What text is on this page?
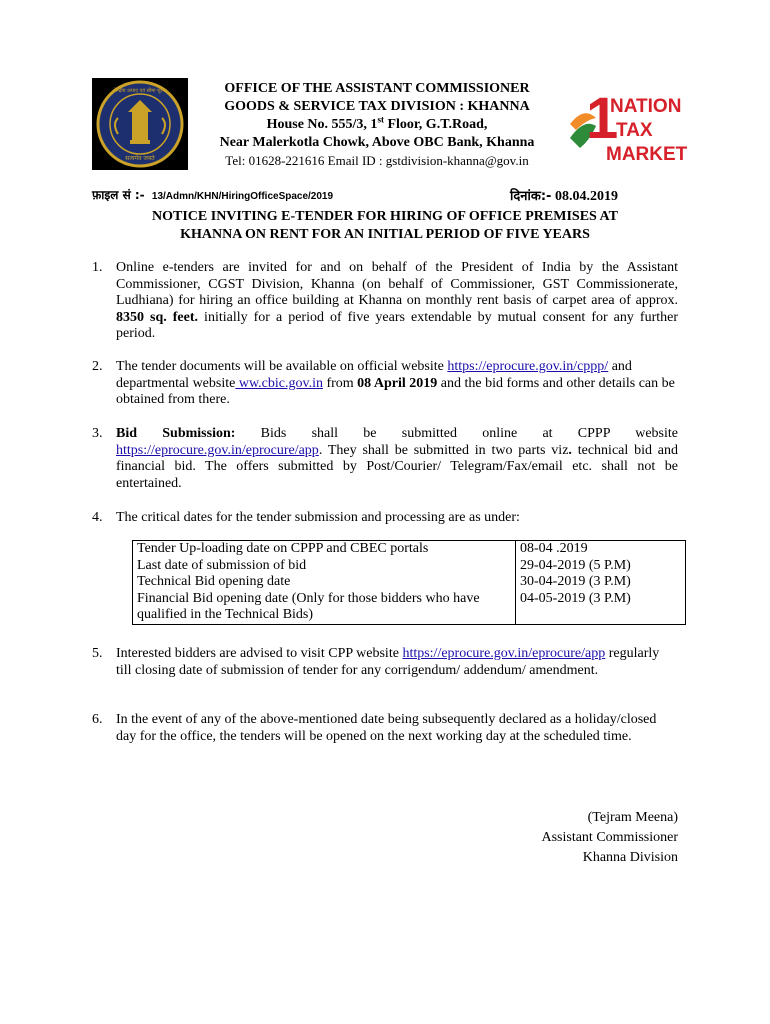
सत्यमेव जयते
केन्द्रीय उत्पाद एवं सीमा शुल्क	OFFICE OF THE ASSISTANT COMMISSIONER
GOODS & SERVICE TAX DIVISION : KHANNA
House No. 555/3, 1st Floor, G.T.Road,
Near Malerkotla Chowk, Above OBC Bank, Khanna
Tel: 01628-221616 Email ID : gstdivision-khanna@gov.in
1
NATION
TAX
MARKET
फ़ाइल सं :- 13/Admn/KHN/HiringOfficeSpace/2019	दिनांक:- 08.04.2019
NOTICE INVITING E-TENDER FOR HIRING OF OFFICE PREMISES AT
KHANNA ON RENT FOR AN INITIAL PERIOD OF FIVE YEARS
1. Online e-tenders are invited for and on behalf of the President of India by the Assistant Commissioner, CGST Division, Khanna (on behalf of Commissioner, GST Commissionerate, Ludhiana) for hiring an office building at Khanna on monthly rent basis of carpet area of approx. 8350 sq. feet. initially for a period of five years extendable by mutual consent for any further period.
2. The tender documents will be available on official website https://eprocure.gov.in/cppp/ and departmental website ww.cbic.gov.in from 08 April 2019 and the bid forms and other details can be obtained from there.
3. Bid Submission: Bids shall be submitted online at CPPP website https://eprocure.gov.in/eprocure/app. They shall be submitted in two parts viz. technical bid and financial bid. The offers submitted by Post/Courier/ Telegram/Fax/email etc. shall not be entertained.
4. The critical dates for the tender submission and processing are as under:
Tender Up-loading date on CPPP and CBEC portals	08-04 .2019
Last date of submission of bid	29-04-2019 (5 P.M)
Technical Bid opening date	30-04-2019 (3 P.M)
Financial Bid opening date (Only for those bidders who have qualified in the Technical Bids)	04-05-2019 (3 P.M)
5. Interested bidders are advised to visit CPP website https://eprocure.gov.in/eprocure/app regularly till closing date of submission of tender for any corrigendum/ addendum/ amendment.
6. In the event of any of the above-mentioned date being subsequently declared as a holiday/closed day for the office, the tenders will be opened on the next working day at the scheduled time.
(Tejram Meena)
Assistant Commissioner
Khanna Division
